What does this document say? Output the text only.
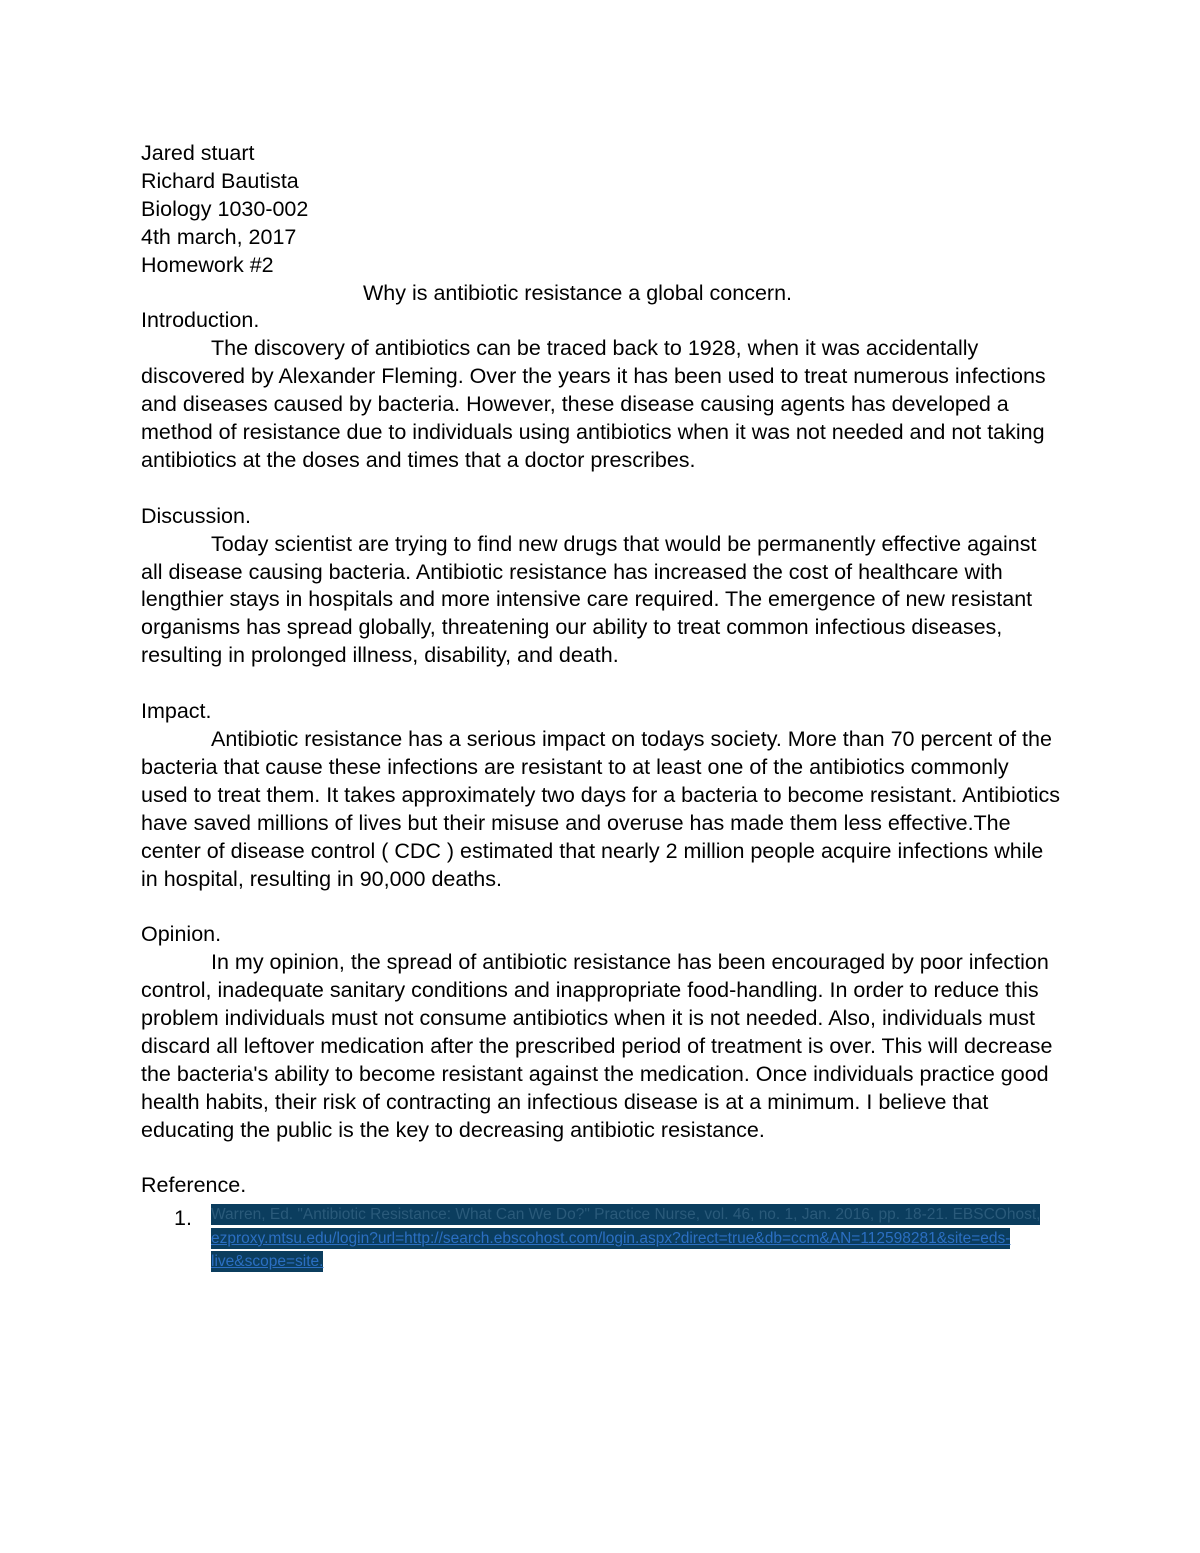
Jared stuart
Richard Bautista
Biology 1030-002
4th march, 2017
Homework #2
Why is antibiotic resistance a global concern.
Introduction.

The discovery of antibiotics can be traced back to 1928, when it was accidentally discovered by Alexander Fleming. Over the years it has been used to treat numerous infections and diseases caused by bacteria. However, these disease causing agents has developed a method of resistance due to individuals using antibiotics when it was not needed and not taking antibiotics at the doses and times that a doctor prescribes.

Discussion.

Today scientist are trying to find new drugs that would be permanently effective against all disease causing bacteria. Antibiotic resistance has increased the cost of healthcare with lengthier stays in hospitals and more intensive care required. The emergence of new resistant organisms has spread globally, threatening our ability to treat common infectious diseases, resulting in prolonged illness, disability, and death.

Impact.

Antibiotic resistance has a serious impact on todays society. More than 70 percent of the bacteria that cause these infections are resistant to at least one of the antibiotics commonly used to treat them. It takes approximately two days for a bacteria to become resistant. Antibiotics have saved millions of lives but their misuse and overuse has made them less effective.The center of disease control ( CDC ) estimated that nearly 2 million people acquire infections while in hospital, resulting in 90,000 deaths.

Opinion.

In my opinion, the spread of antibiotic resistance has been encouraged by poor infection control, inadequate sanitary conditions and inappropriate food-handling. In order to reduce this problem individuals must not consume antibiotics when it is not needed. Also, individuals must discard all leftover medication after the prescribed period of treatment is over. This will decrease the bacteria's ability to become resistant against the medication. Once individuals practice good health habits, their risk of contracting an infectious disease is at a minimum. I believe that educating the public is the key to decreasing antibiotic resistance.

Reference.
1. Warren, Ed. "Antibiotic Resistance: What Can We Do?" Practice Nurse, vol. 46, no. 1, Jan. 2016, pp. 18-21. EBSCOhost, ezproxy.mtsu.edu/login?url=http://search.ebscohost.com/login.aspx?direct=true&db=ccm&AN=112598281&site=eds-live&scope=site.
